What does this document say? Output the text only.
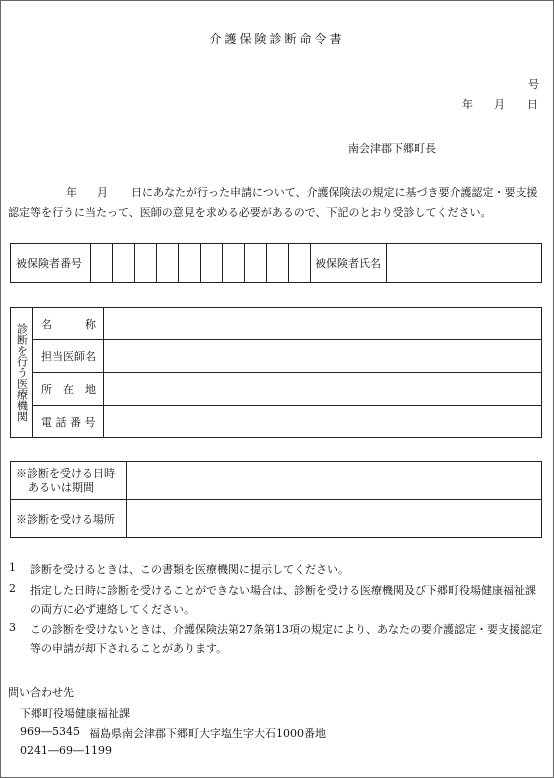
介護保険診断命令書
号
年 月 日
南会津郡下郷町長
年 月 日にあなたが行った申請について、介護保険法の規定に基づき要介護認定・要支援
認定等を行うに当たって、医師の意見を求める必要があるので、下記のとおり受診してください。
被保険者番号											被保険者氏名	
診断を行う医療機関	名　　　称	
	担当医師名	
	所　在　地	
	電 話 番 号	
※診断を受ける日時
あるいは期間	

※診断を受ける場所	
1 診断を受けるときは、この書類を医療機関に提示してください。
2 指定した日時に診断を受けることができない場合は、診断を受ける医療機関及び下郷町役場健康福祉課
の両方に必ず連絡してください。
3 この診断を受けないときは、介護保険法第27条第13項の規定により、あなたの要介護認定・要支援認定
等の申請が却下されることがあります。
問い合わせ先
下郷町役場健康福祉課
969―5345 福島県南会津郡下郷町大字塩生字大石1000番地
0241―69―1199
